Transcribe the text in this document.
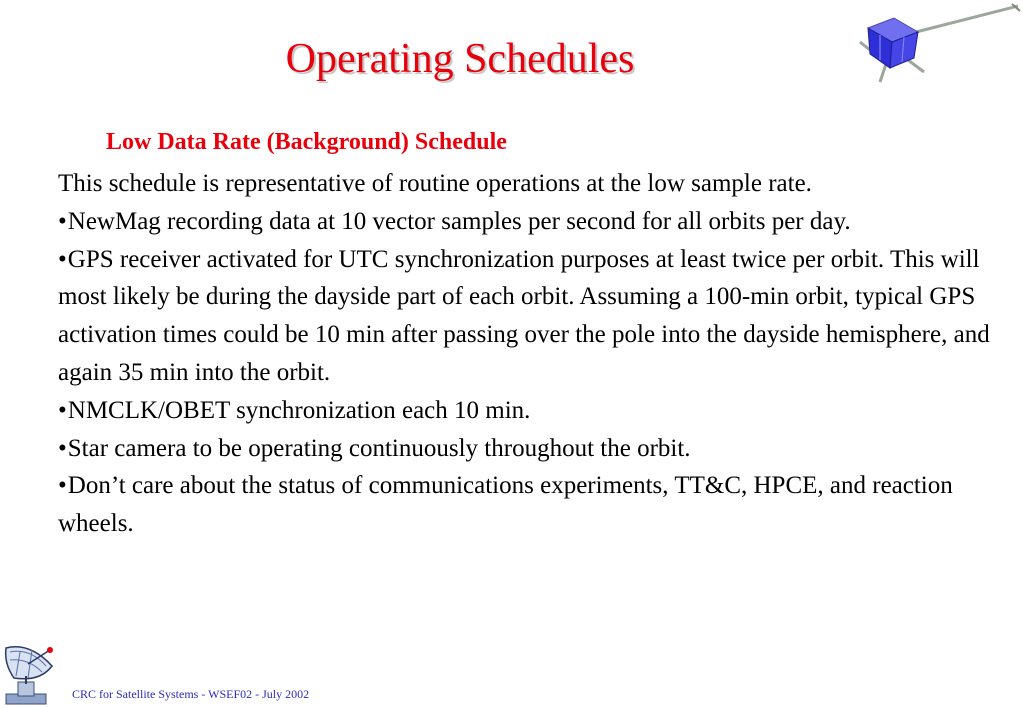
Operating Schedules
Low Data Rate (Background) Schedule

This schedule is representative of routine operations at the low sample rate.

•NewMag recording data at 10 vector samples per second for all orbits per day.

•GPS receiver activated for UTC synchronization purposes at least twice per orbit. This will most likely be during the dayside part of each orbit. Assuming a 100-min orbit, typical GPS activation times could be 10 min after passing over the pole into the dayside hemisphere, and again 35 min into the orbit.

•NMCLK/OBET synchronization each 10 min.

•Star camera to be operating continuously throughout the orbit.

•Don’t care about the status of communications experiments, TT&C, HPCE, and reaction wheels.

CRC for Satellite Systems - WSEF02 - July 2002
